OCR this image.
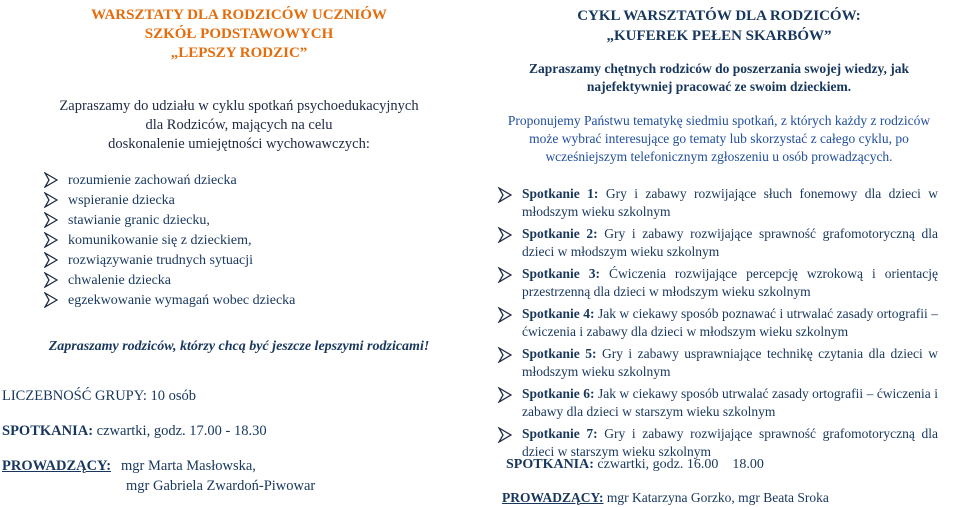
WARSZTATY DLA RODZICÓW UCZNIÓW
SZKÓŁ PODSTAWOWYCH
„LEPSZY RODZIC”
Zapraszamy do udziału w cyklu spotkań psychoedukacyjnych
dla Rodziców, mających na celu
doskonalenie umiejętności wychowawczych:
rozumienie zachowań dziecka
wspieranie dziecka
stawianie granic dziecku,
komunikowanie się z dzieckiem,
rozwiązywanie trudnych sytuacji
chwalenie dziecka
egzekwowanie wymagań wobec dziecka
Zapraszamy rodziców, którzy chcą być jeszcze lepszymi rodzicami!
LICZEBNOŚĆ GRUPY: 10 osób
SPOTKANIA: czwartki, godz. 17.00 - 18.30
PROWADZĄCY: mgr Marta Masłowska,
mgr Gabriela Zwardoń-Piwowar
CYKL WARSZTATÓW DLA RODZICÓW:
„KUFEREK PEŁEN SKARBÓW”
Zapraszamy chętnych rodziców do poszerzania swojej wiedzy, jak
najefektywniej pracować ze swoim dzieckiem.
Proponujemy Państwu tematykę siedmiu spotkań, z których każdy z rodziców
może wybrać interesujące go tematy lub skorzystać z całego cyklu, po
wcześniejszym telefonicznym zgłoszeniu u osób prowadzących.
Spotkanie 1: Gry i zabawy rozwijające słuch fonemowy dla dzieci w młodszym wieku szkolnym
Spotkanie 2: Gry i zabawy rozwijające sprawność grafomotoryczną dla dzieci w młodszym wieku szkolnym
Spotkanie 3: Ćwiczenia rozwijające percepcję wzrokową i orientację przestrzenną dla dzieci w młodszym wieku szkolnym
Spotkanie 4: Jak w ciekawy sposób poznawać i utrwalać zasady ortografii – ćwiczenia i zabawy dla dzieci w młodszym wieku szkolnym
Spotkanie 5: Gry i zabawy usprawniające technikę czytania dla dzieci w młodszym wieku szkolnym
Spotkanie 6: Jak w ciekawy sposób utrwalać zasady ortografii – ćwiczenia i zabawy dla dzieci w starszym wieku szkolnym
Spotkanie 7: Gry i zabawy rozwijające sprawność grafomotoryczną dla dzieci w starszym wieku szkolnym
SPOTKANIA: czwartki, godz. 16.00    18.00
PROWADZĄCY: mgr Katarzyna Gorzko, mgr Beata Sroka
